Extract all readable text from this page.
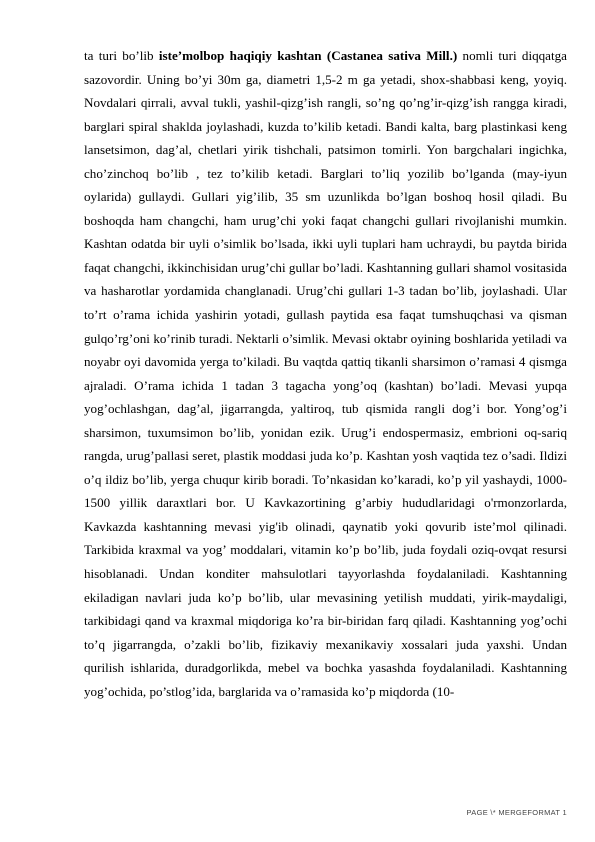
ta turi bo’lib iste’molbop haqiqiy kashtan (Castanea sativa Mill.) nomli turi diqqatga sazovordir. Uning bo’yi 30m ga, diametri 1,5-2 m ga yetadi, shox-shabbasi keng, yoyiq. Novdalari qirrali, avval tukli, yashil-qizg’ish rangli, so’ng qo’ng’ir-qizg’ish rangga kiradi, barglari spiral shaklda joylashadi, kuzda to’kilib ketadi. Bandi kalta, barg plastinkasi keng lansetsimon, dag’al, chetlari yirik tishchali, patsimon tomirli. Yon bargchalari ingichka, cho’zinchoq bo’lib , tez to’kilib ketadi. Barglari to’liq yozilib bo’lganda (may-iyun oylarida) gullaydi. Gullari yig’ilib, 35 sm uzunlikda bo’lgan boshoq hosil qiladi. Bu boshoqda ham changchi, ham urug’chi yoki faqat changchi gullari rivojlanishi mumkin. Kashtan odatda bir uyli o’simlik bo’lsada, ikki uyli tuplari ham uchraydi, bu paytda birida faqat changchi, ikkinchisidan urug’chi gullar bo’ladi. Kashtanning gullari shamol vositasida va hasharotlar yordamida changlanadi. Urug’chi gullari 1-3 tadan bo’lib, joylashadi. Ular to’rt o’rama ichida yashirin yotadi, gullash paytida esa faqat tumshuqchasi va qisman gulqo’rg’oni ko’rinib turadi. Nektarli o’simlik. Mevasi oktabr oyining boshlarida yetiladi va noyabr oyi davomida yerga to’kiladi. Bu vaqtda qattiq tikanli sharsimon o’ramasi 4 qismga ajraladi. O’rama ichida 1 tadan 3 tagacha yong’oq (kashtan) bo’ladi. Mevasi yupqa yog’ochlashgan, dag’al, jigarrangda, yaltiroq, tub qismida rangli dog’i bor. Yong’og’i sharsimon, tuxumsimon bo’lib, yonidan ezik. Urug’i endospermasiz, embrioni oq-sariq rangda, urug’pallasi seret, plastik moddasi juda ko’p. Kashtan yosh vaqtida tez o’sadi. Ildizi o’q ildiz bo’lib, yerga chuqur kirib boradi. To’nkasidan ko’karadi, ko’p yil yashaydi, 1000-1500 yillik daraxtlari bor. U Kavkazortining g’arbiy hududlaridagi o'rmonzorlarda, Kavkazda kashtanning mevasi yig'ib olinadi, qaynatib yoki qovurib iste’mol qilinadi. Tarkibida kraxmal va yog’ moddalari, vitamin ko’p bo’lib, juda foydali oziq-ovqat resursi hisoblanadi. Undan konditer mahsulotlari tayyorlashda foydalaniladi. Kashtanning ekiladigan navlari juda ko’p bo’lib, ular mevasining yetilish muddati, yirik-maydaligi, tarkibidagi qand va kraxmal miqdoriga ko’ra bir-biridan farq qiladi. Kashtanning yog’ochi to’q jigarrangda, o’zakli bo’lib, fizikaviy mexanikaviy xossalari juda yaxshi. Undan qurilish ishlarida, duradgorlikda, mebel va bochka yasashda foydalaniladi. Kashtanning yog’ochida, po’stlog’ida, barglarida va o’ramasida ko’p miqdorda (10-

PAGE \* MERGEFORMAT 1
